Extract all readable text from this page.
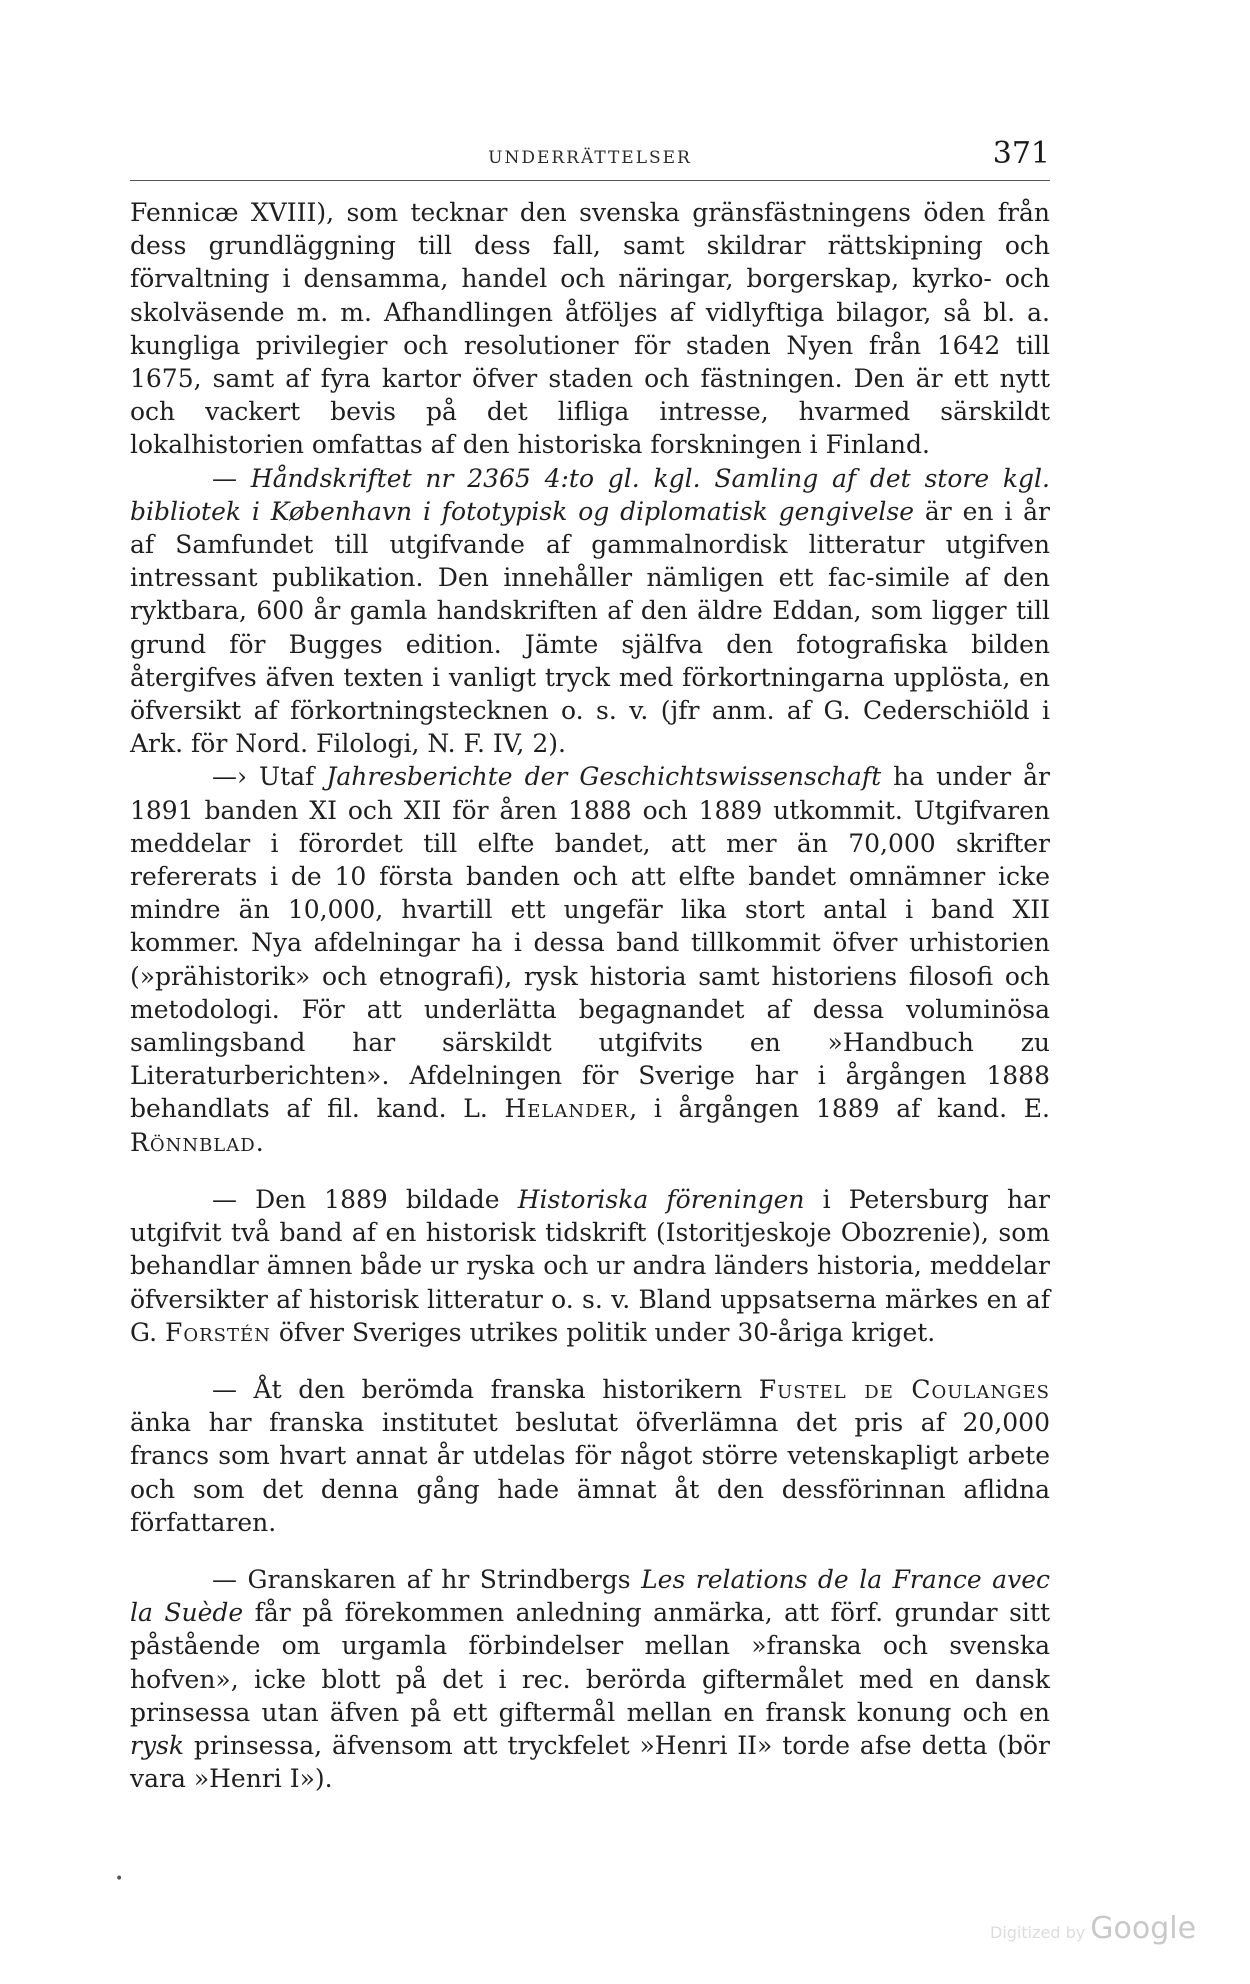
UNDERRÄTTELSER	371

Fennicæ XVIII), som tecknar den svenska gränsfästningens öden från dess grundläggning till dess fall, samt skildrar rättskipning och förvaltning i densamma, handel och näringar, borgerskap, kyrko- och skolväsende m. m. Afhandlingen åtföljes af vidlyftiga bilagor, så bl. a. kungliga privilegier och resolutioner för staden Nyen från 1642 till 1675, samt af fyra kartor öfver staden och fästningen. Den är ett nytt och vackert bevis på det lifliga intresse, hvarmed särskildt lokalhistorien omfattas af den historiska forskningen i Finland.

— Håndskriftet nr 2365 4:to gl. kgl. Samling af det store kgl. bibliotek i København i fototypisk og diplomatisk gengivelse är en i år af Samfundet till utgifvande af gammalnordisk litteratur utgifven intressant publikation. Den innehåller nämligen ett fac-simile af den ryktbara, 600 år gamla handskriften af den äldre Eddan, som ligger till grund för Bugges edition. Jämte själfva den fotografiska bilden återgifves äfven texten i vanligt tryck med förkortningarna upplösta, en öfversikt af förkortningstecknen o. s. v. (jfr anm. af G. Cederschiöld i Ark. för Nord. Filologi, N. F. IV, 2).

—› Utaf Jahresberichte der Geschichtswissenschaft ha under år 1891 banden XI och XII för åren 1888 och 1889 utkommit. Utgifvaren meddelar i förordet till elfte bandet, att mer än 70,000 skrifter refererats i de 10 första banden och att elfte bandet omnämner icke mindre än 10,000, hvartill ett ungefär lika stort antal i band XII kommer. Nya afdelningar ha i dessa band tillkommit öfver urhistorien (»prähistorik» och etnografi), rysk historia samt historiens filosofi och metodologi. För att underlätta begagnandet af dessa voluminösa samlingsband har särskildt utgifvits en »Handbuch zu Literaturberichten». Afdelningen för Sverige har i årgången 1888 behandlats af fil. kand. L. Helander, i årgången 1889 af kand. E. Rönnblad.

— Den 1889 bildade Historiska föreningen i Petersburg har utgifvit två band af en historisk tidskrift (Istoritjeskoje Obozrenie), som behandlar ämnen både ur ryska och ur andra länders historia, meddelar öfversikter af historisk litteratur o. s. v. Bland uppsatserna märkes en af G. Forstén öfver Sveriges utrikes politik under 30-åriga kriget.

— Åt den berömda franska historikern Fustel de Coulanges änka har franska institutet beslutat öfverlämna det pris af 20,000 francs som hvart annat år utdelas för något större vetenskapligt arbete och som det denna gång hade ämnat åt den dessförinnan aflidna författaren.

— Granskaren af hr Strindbergs Les relations de la France avec la Suède får på förekommen anledning anmärka, att förf. grundar sitt påstående om urgamla förbindelser mellan »franska och svenska hofven», icke blott på det i rec. berörda giftermålet med en dansk prinsessa utan äfven på ett giftermål mellan en fransk konung och en rysk prinsessa, äfvensom att tryckfelet »Henri II» torde afse detta (bör vara »Henri I»).

•
Digitized by Google
